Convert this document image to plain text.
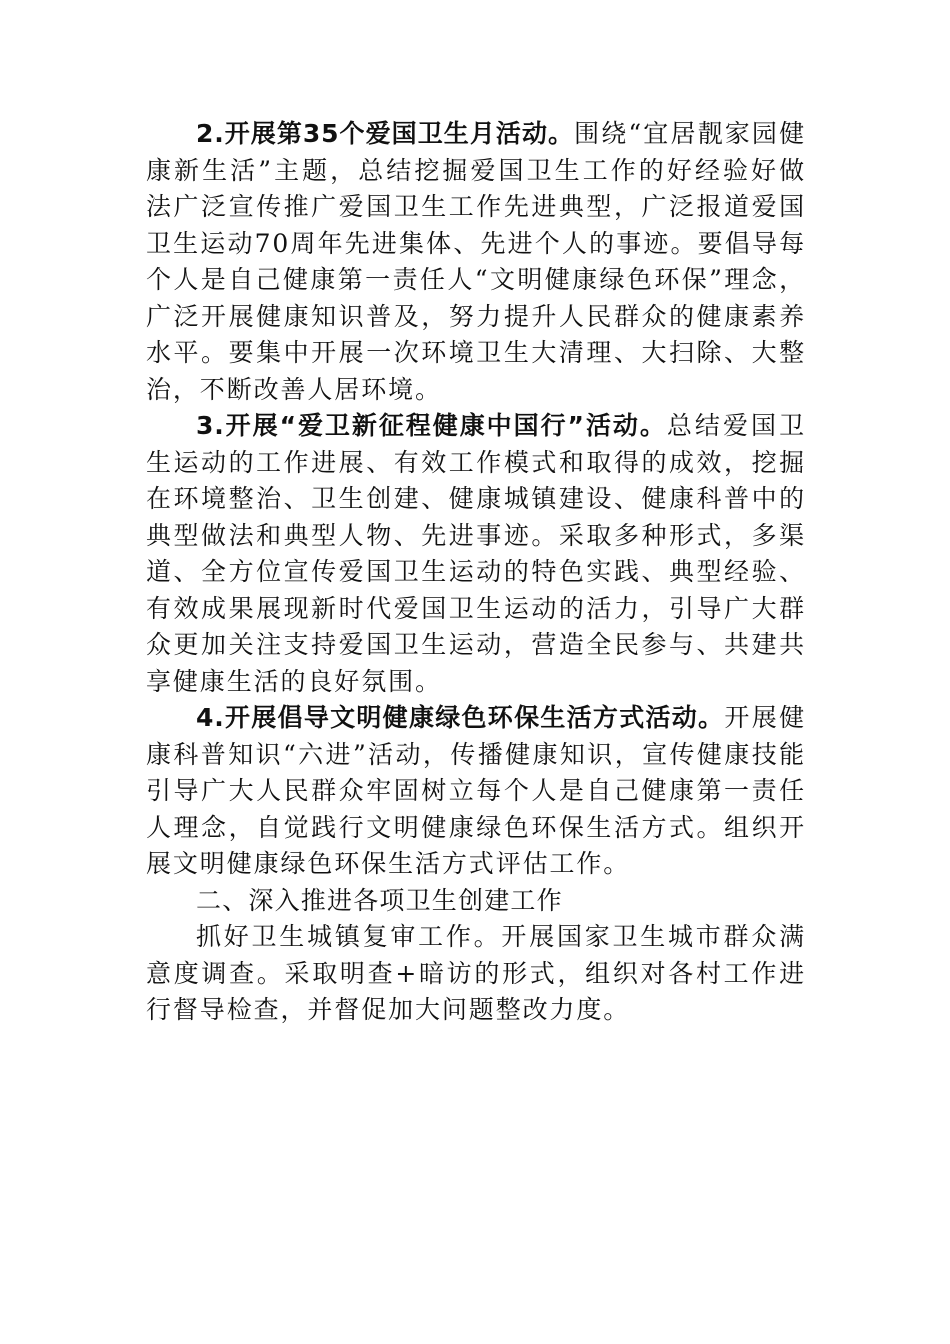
2.开展第35个爱国卫生月活动。围绕“宜居靓家园健康新生活”主题，总结挖掘爱国卫生工作的好经验好做法广泛宣传推广爱国卫生工作先进典型，广泛报道爱国卫生运动70周年先进集体、先进个人的事迹。要倡导每个人是自己健康第一责任人“文明健康绿色环保”理念，广泛开展健康知识普及，努力提升人民群众的健康素养水平。要集中开展一次环境卫生大清理、大扫除、大整治，不断改善人居环境。

3.开展“爱卫新征程健康中国行”活动。总结爱国卫生运动的工作进展、有效工作模式和取得的成效，挖掘在环境整治、卫生创建、健康城镇建设、健康科普中的典型做法和典型人物、先进事迹。采取多种形式，多渠道、全方位宣传爱国卫生运动的特色实践、典型经验、有效成果展现新时代爱国卫生运动的活力，引导广大群众更加关注支持爱国卫生运动，营造全民参与、共建共享健康生活的良好氛围。

4.开展倡导文明健康绿色环保生活方式活动。开展健康科普知识“六进”活动，传播健康知识，宣传健康技能引导广大人民群众牢固树立每个人是自己健康第一责任人理念，自觉践行文明健康绿色环保生活方式。组织开展文明健康绿色环保生活方式评估工作。

二、深入推进各项卫生创建工作

抓好卫生城镇复审工作。开展国家卫生城市群众满意度调查。采取明查+暗访的形式，组织对各村工作进行督导检查，并督促加大问题整改力度。
